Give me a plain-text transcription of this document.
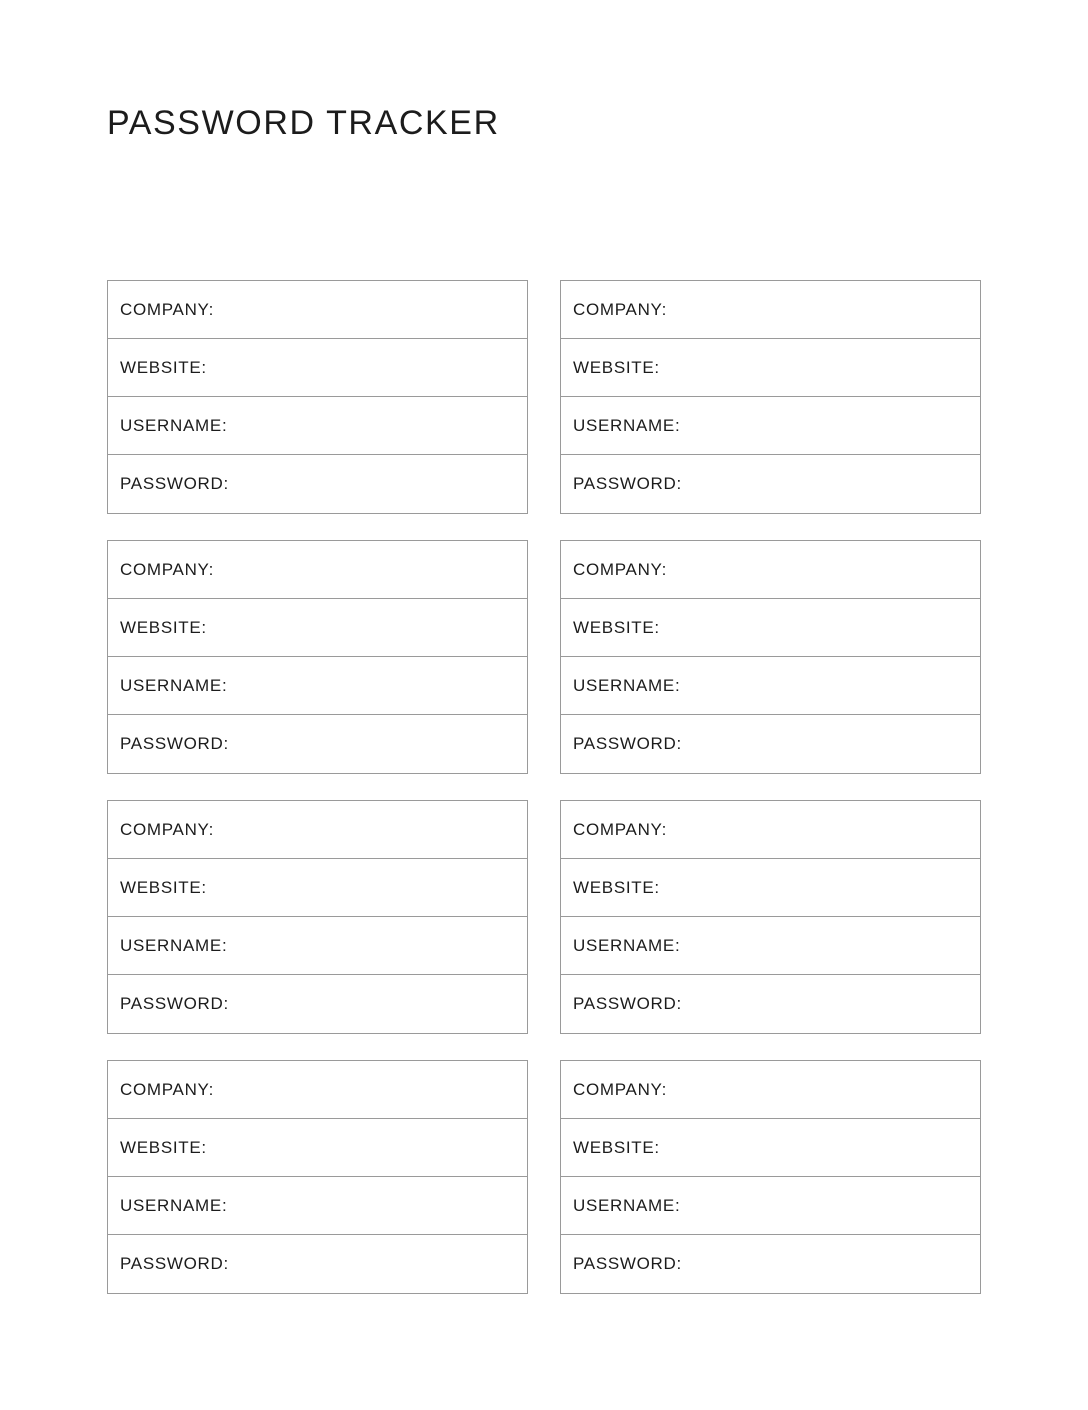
PASSWORD TRACKER
COMPANY:
WEBSITE:
USERNAME:
PASSWORD:
COMPANY:
WEBSITE:
USERNAME:
PASSWORD:
COMPANY:
WEBSITE:
USERNAME:
PASSWORD:
COMPANY:
WEBSITE:
USERNAME:
PASSWORD:
COMPANY:
WEBSITE:
USERNAME:
PASSWORD:
COMPANY:
WEBSITE:
USERNAME:
PASSWORD:
COMPANY:
WEBSITE:
USERNAME:
PASSWORD:
COMPANY:
WEBSITE:
USERNAME:
PASSWORD:
